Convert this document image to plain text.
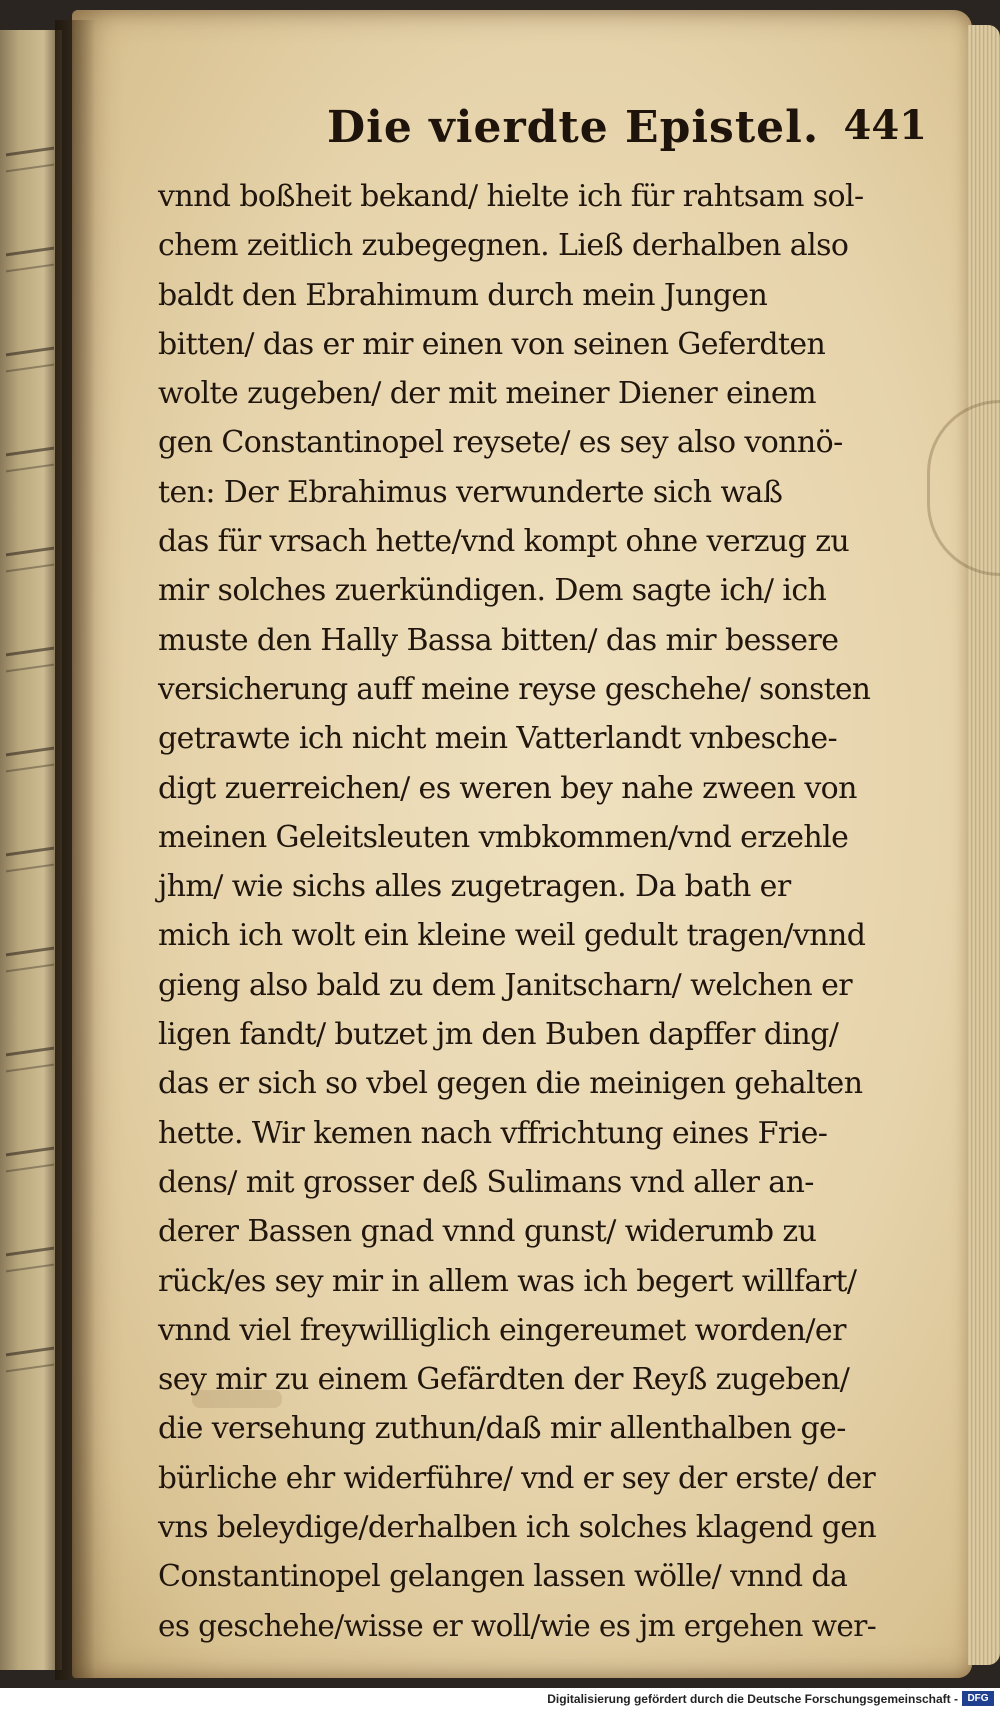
Die vierdte Epistel. 441
vnnd boßheit bekand/ hielte ich für rahtsam sol-
chem zeitlich zubegegnen. Ließ derhalben also
baldt den Ebrahimum durch mein Jungen
bitten/ das er mir einen von seinen Geferdten
wolte zugeben/ der mit meiner Diener einem
gen Constantinopel reysete/ es sey also vonnö-
ten: Der Ebrahimus verwunderte sich waß
das für vrsach hette/vnd kompt ohne verzug zu
mir solches zuerkündigen. Dem sagte ich/ ich
muste den Hally Bassa bitten/ das mir bessere
versicherung auff meine reyse geschehe/ sonsten
getrawte ich nicht mein Vatterlandt vnbesche-
digt zuerreichen/ es weren bey nahe zween von
meinen Geleitsleuten vmbkommen/vnd erzehle
jhm/ wie sichs alles zugetragen. Da bath er
mich ich wolt ein kleine weil gedult tragen/vnnd
gieng also bald zu dem Janitscharn/ welchen er
ligen fandt/ butzet jm den Buben dapffer ding/
das er sich so vbel gegen die meinigen gehalten
hette. Wir kemen nach vffrichtung eines Frie-
dens/ mit grosser deß Sulimans vnd aller an-
derer Bassen gnad vnnd gunst/ widerumb zu
rück/es sey mir in allem was ich begert willfart/
vnnd viel freywilliglich eingereumet worden/er
sey mir zu einem Gefärdten der Reyß zugeben/
die versehung zuthun/daß mir allenthalben ge-
bürliche ehr widerführe/ vnd er sey der erste/ der
vns beleydige/derhalben ich solches klagend gen
Constantinopel gelangen lassen wölle/ vnnd da
es geschehe/wisse er woll/wie es jm ergehen wer-
Digitalisierung gefördert durch die Deutsche Forschungsgemeinschaft - DFG
